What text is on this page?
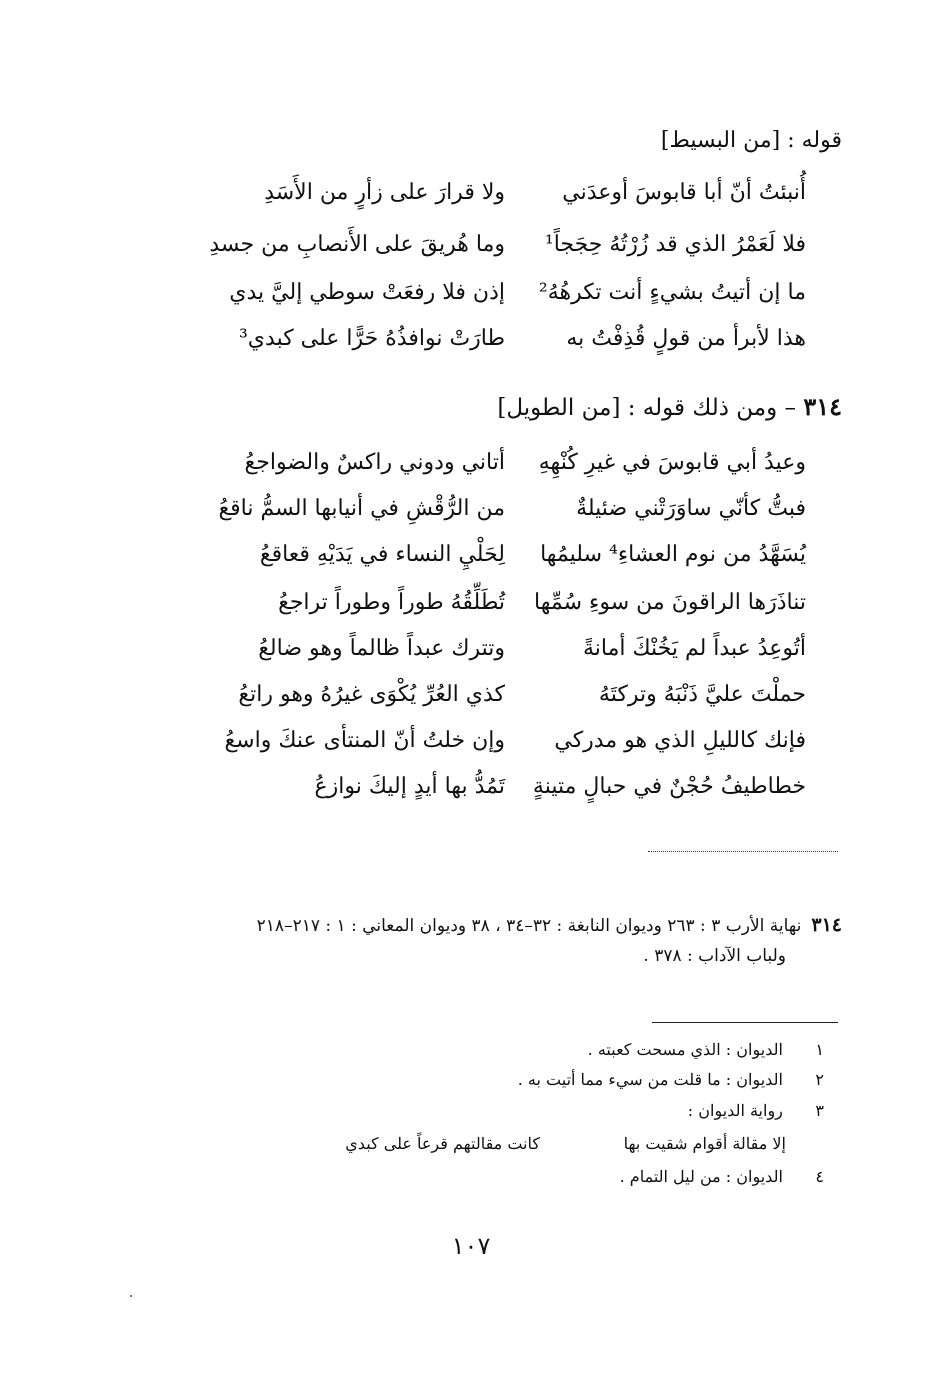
قوله : [من البسيط]
أُنبئتُ أنّ أبا قابوسَ أوعدَني
ولا قرارَ على زأرٍ من الأَسَدِ
فلا لَعَمْرُ الذي قد زُرْتُهُ حِجَجاً¹
وما هُريقَ على الأَنصابِ من جسدِ
ما إن أتيتُ بشيءٍ أنت تكرهُهُ²
إذن فلا رفعَتْ سوطي إليَّ يدي
هذا لأبرأ من قولٍ قُذِفْتُ به
طارَتْ نوافذُهُ حَرًّا على كبدي³
٣١٤ – ومن ذلك قوله : [من الطويل]
وعيدُ أبي قابوسَ في غيرِ كُنْهِهِ
أتاني ودوني راكسٌ والضواجعُ
فبتُّ كأنّي ساوَرَتْني ضئيلةٌ
من الرُّقْشِ في أنيابها السمُّ ناقعُ
يُسَهَّدُ من نوم العشاءِ⁴ سليمُها
لِحَلْيِ النساء في يَدَيْهِ قعاقعُ
تناذَرَها الراقونَ من سوءِ سُمِّها
تُطَلِّقُهُ طوراً وطوراً تراجعُ
أتُوعِدُ عبداً لم يَخُنْكَ أمانةً
وتترك عبداً ظالماً وهو ضالعُ
حملْتَ عليَّ ذَنْبَهُ وتركتَهُ
كذي العُرِّ يُكْوَى غيرُهُ وهو راتعُ
فإنك كالليلِ الذي هو مدركي
وإن خلتُ أنّ المنتأى عنكَ واسعُ
خطاطيفُ حُجْنٌ في حبالٍ متينةٍ
تَمُدُّ بها أيدٍ إليكَ نوازعُ
٣١٤نهاية الأرب ٣ : ٢٦٣ وديوان النابغة : ٣٢–٣٤ ، ٣٨ وديوان المعاني : ١ : ٢١٧–٢١٨
ولباب الآداب : ٣٧٨ .
١ الديوان : الذي مسحت كعبته .
٢ الديوان : ما قلت من سيء مما أتيت به .
٣ رواية الديوان :
إلا مقالة أقوام شقيت بها
كانت مقالتهم قرعاً على كبدي
٤ الديوان : من ليل التمام .
١٠٧
